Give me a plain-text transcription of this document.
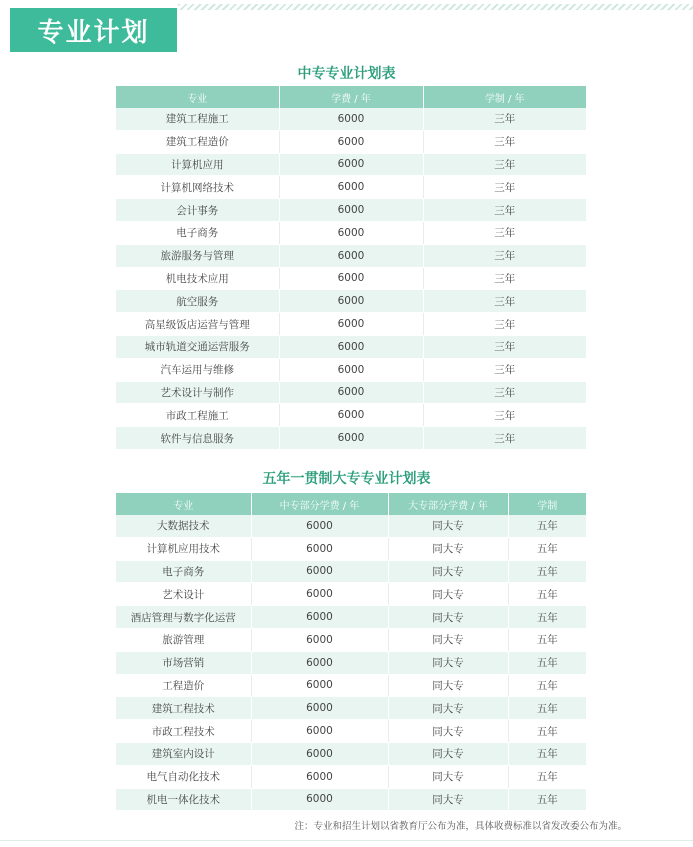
专业计划
中专专业计划表
专业	学费 / 年	学制 / 年
建筑工程施工	6000	三年
建筑工程造价	6000	三年
计算机应用	6000	三年
计算机网络技术	6000	三年
会计事务	6000	三年
电子商务	6000	三年
旅游服务与管理	6000	三年
机电技术应用	6000	三年
航空服务	6000	三年
高星级饭店运营与管理	6000	三年
城市轨道交通运营服务	6000	三年
汽车运用与维修	6000	三年
艺术设计与制作	6000	三年
市政工程施工	6000	三年
软件与信息服务	6000	三年
五年一贯制大专专业计划表
专业	中专部分学费 / 年	大专部分学费 / 年	学制
大数据技术	6000	同大专	五年
计算机应用技术	6000	同大专	五年
电子商务	6000	同大专	五年
艺术设计	6000	同大专	五年
酒店管理与数字化运营	6000	同大专	五年
旅游管理	6000	同大专	五年
市场营销	6000	同大专	五年
工程造价	6000	同大专	五年
建筑工程技术	6000	同大专	五年
市政工程技术	6000	同大专	五年
建筑室内设计	6000	同大专	五年
电气自动化技术	6000	同大专	五年
机电一体化技术	6000	同大专	五年
注：专业和招生计划以省教育厅公布为准，具体收费标准以省发改委公布为准。
